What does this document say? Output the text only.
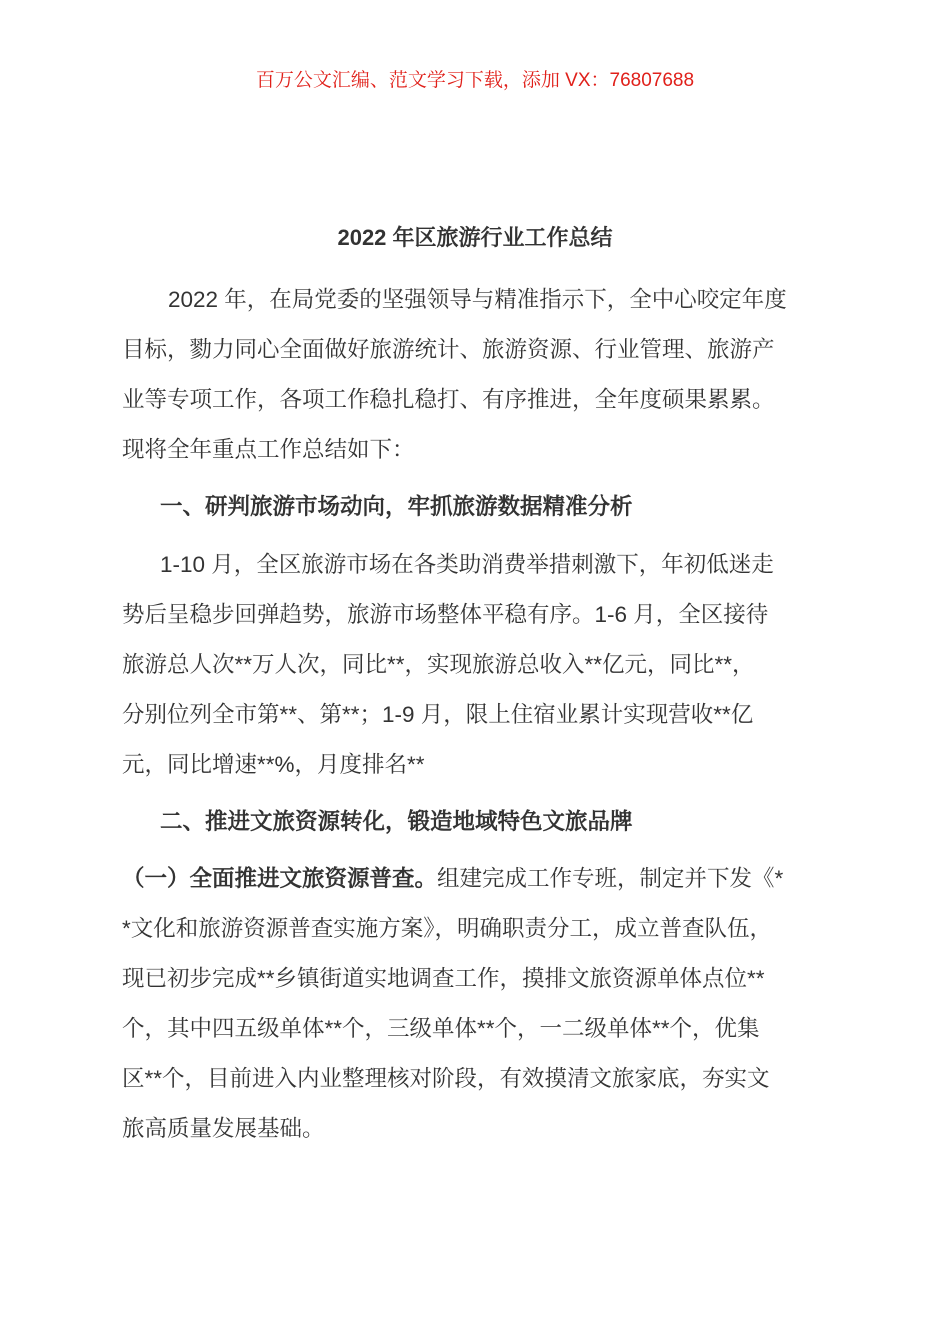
百万公文汇编、范文学习下载，添加 VX：76807688
2022 年区旅游行业工作总结
2022 年，在局党委的坚强领导与精准指示下，全中心咬定年度
目标，勠力同心全面做好旅游统计、旅游资源、行业管理、旅游产
业等专项工作，各项工作稳扎稳打、有序推进，全年度硕果累累。
现将全年重点工作总结如下：
一、研判旅游市场动向，牢抓旅游数据精准分析
1-10 月，全区旅游市场在各类助消费举措刺激下，年初低迷走
势后呈稳步回弹趋势，旅游市场整体平稳有序。1-6 月，全区接待
旅游总人次**万人次，同比**，实现旅游总收入**亿元，同比**，
分别位列全市第**、第**；1-9 月，限上住宿业累计实现营收**亿
元，同比增速**%，月度排名**
二、推进文旅资源转化，锻造地域特色文旅品牌
（一）全面推进文旅资源普查。组建完成工作专班，制定并下发《*
*文化和旅游资源普查实施方案》，明确职责分工，成立普查队伍，
现已初步完成**乡镇街道实地调查工作，摸排文旅资源单体点位**
个，其中四五级单体**个，三级单体**个，一二级单体**个，优集
区**个，目前进入内业整理核对阶段，有效摸清文旅家底，夯实文
旅高质量发展基础。
